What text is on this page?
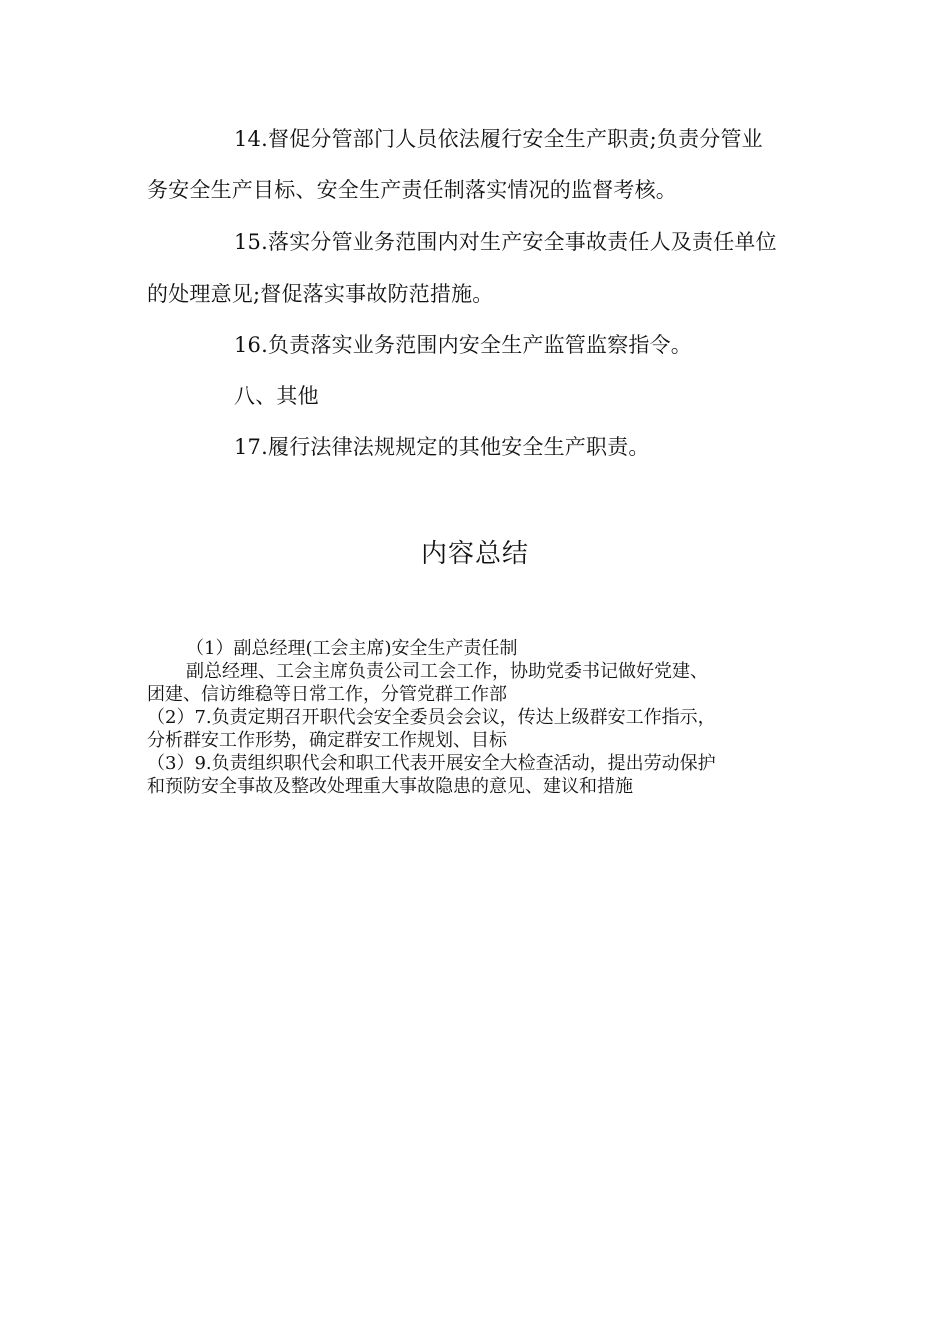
14.督促分管部门人员依法履行安全生产职责;负责分管业
务安全生产目标、安全生产责任制落实情况的监督考核。
15.落实分管业务范围内对生产安全事故责任人及责任单位
的处理意见;督促落实事故防范措施。
16.负责落实业务范围内安全生产监管监察指令。
八、其他
17.履行法律法规规定的其他安全生产职责。
内容总结
（1）副总经理(工会主席)安全生产责任制
副总经理、工会主席负责公司工会工作，协助党委书记做好党建、
团建、信访维稳等日常工作，分管党群工作部
（2）7.负责定期召开职代会安全委员会会议，传达上级群安工作指示，
分析群安工作形势，确定群安工作规划、目标
（3）9.负责组织职代会和职工代表开展安全大检查活动，提出劳动保护
和预防安全事故及整改处理重大事故隐患的意见、建议和措施
